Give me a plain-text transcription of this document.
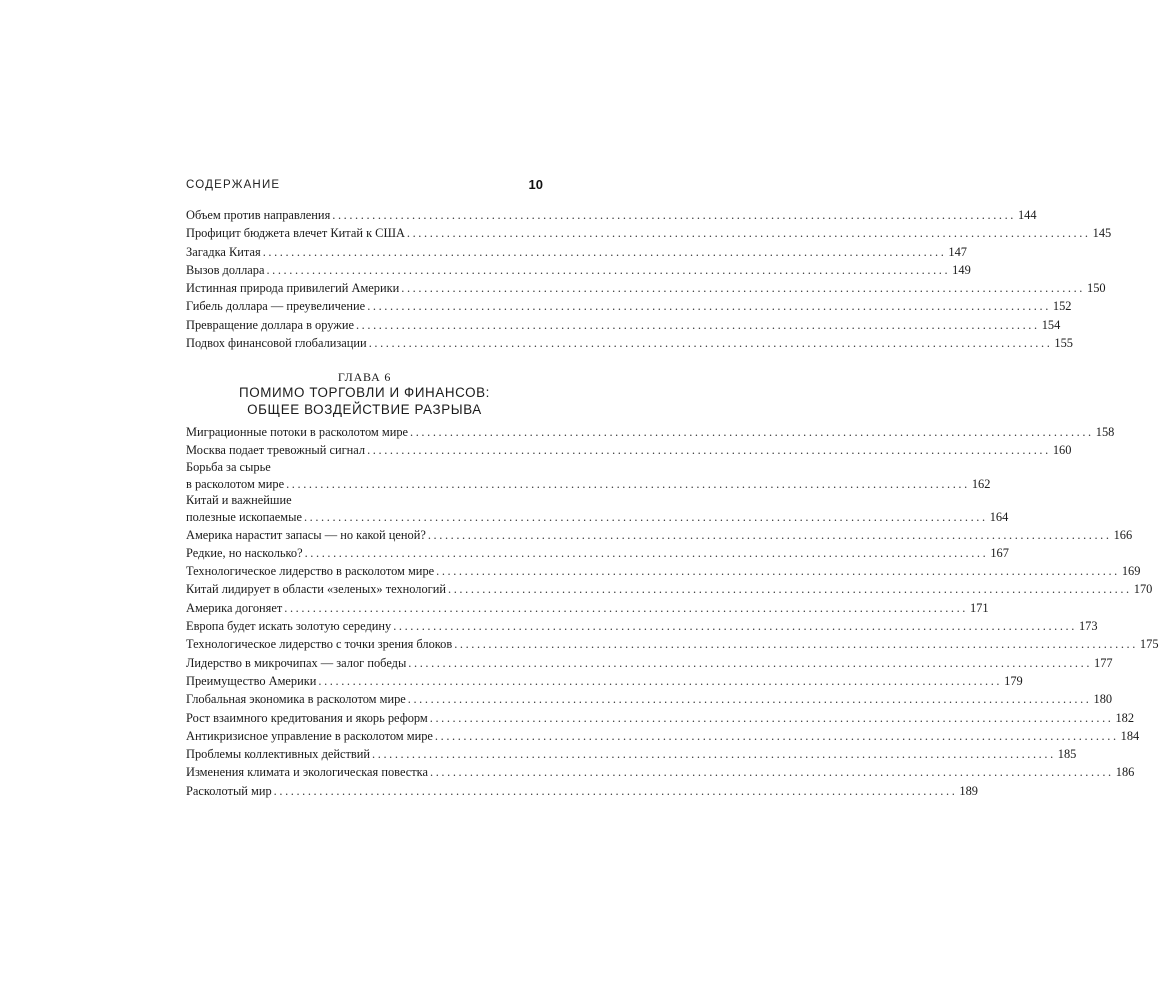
СОДЕРЖАНИЕ	10
Объем против направления ........................................................................................................................ 144
Профицит бюджета влечет Китай к США ........................................................................................................................ 145
Загадка Китая ........................................................................................................................ 147
Вызов доллара ........................................................................................................................ 149
Истинная природа привилегий Америки ........................................................................................................................ 150
Гибель доллара — преувеличение ........................................................................................................................ 152
Превращение доллара в оружие ........................................................................................................................ 154
Подвох финансовой глобализации ........................................................................................................................ 155
ГЛАВА 6
ПОМИМО ТОРГОВЛИ И ФИНАНСОВ:
ОБЩЕЕ ВОЗДЕЙСТВИЕ РАЗРЫВА
Миграционные потоки в расколотом мире ........................................................................................................................ 158
Москва подает тревожный сигнал ........................................................................................................................ 160
Борьба за сырье
в расколотом мире ........................................................................................................................ 162
Китай и важнейшие
полезные ископаемые ........................................................................................................................ 164
Америка нарастит запасы — но какой ценой? ........................................................................................................................ 166
Редкие, но насколько? ........................................................................................................................ 167
Технологическое лидерство в расколотом мире ........................................................................................................................ 169
Китай лидирует в области «зеленых» технологий ........................................................................................................................ 170
Америка догоняет ........................................................................................................................ 171
Европа будет искать золотую середину ........................................................................................................................ 173
Технологическое лидерство с точки зрения блоков ........................................................................................................................ 175
Лидерство в микрочипах — залог победы ........................................................................................................................ 177
Преимущество Америки ........................................................................................................................ 179
Глобальная экономика в расколотом мире ........................................................................................................................ 180
Рост взаимного кредитования и якорь реформ ........................................................................................................................ 182
Антикризисное управление в расколотом мире ........................................................................................................................ 184
Проблемы коллективных действий ........................................................................................................................ 185
Изменения климата и экологическая повестка ........................................................................................................................ 186
Расколотый мир ........................................................................................................................ 189
